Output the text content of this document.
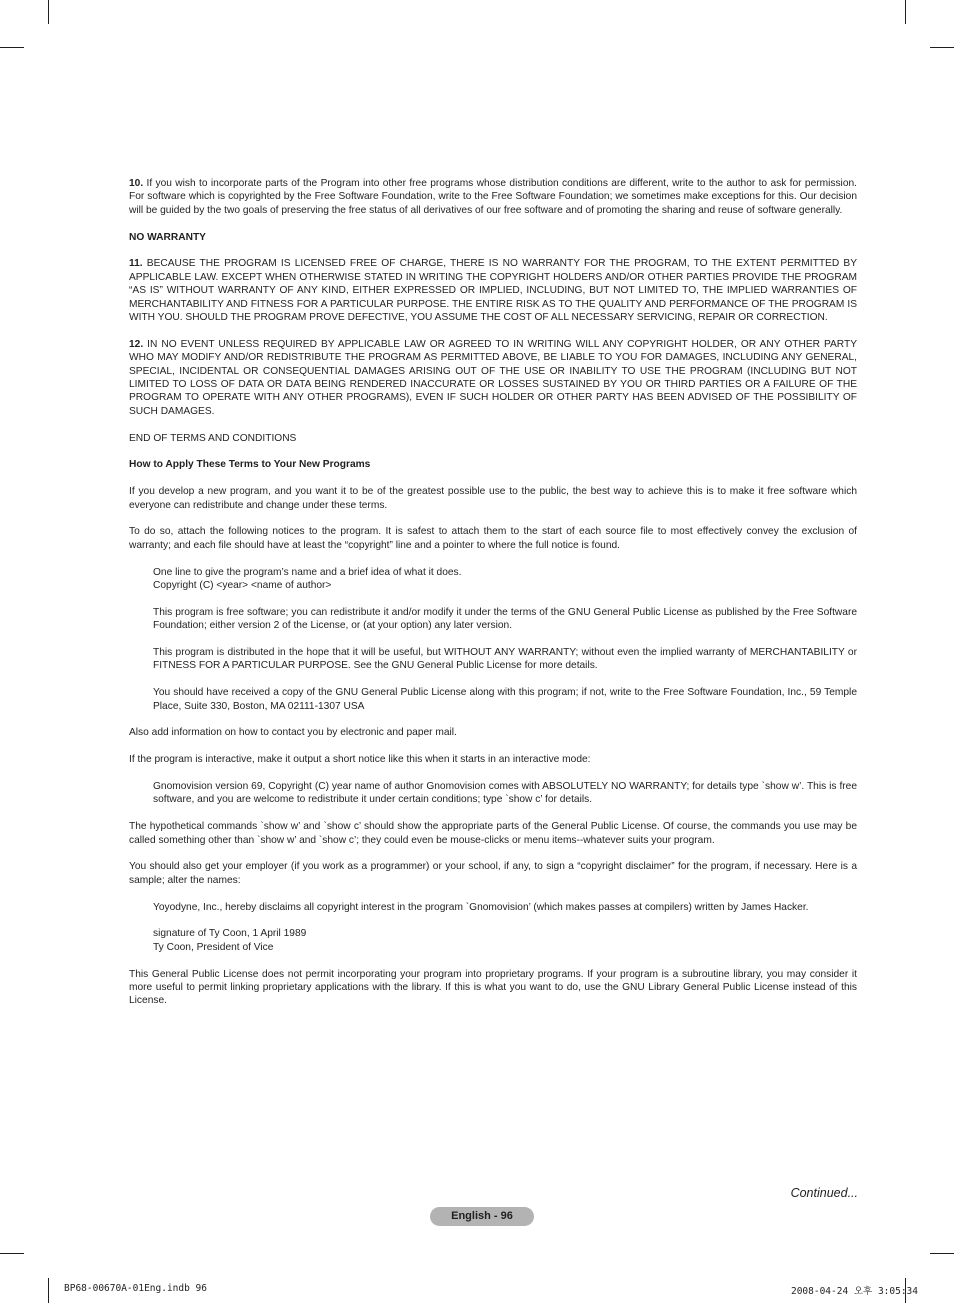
10. If you wish to incorporate parts of the Program into other free programs whose distribution conditions are different, write to the author to ask for permission. For software which is copyrighted by the Free Software Foundation, write to the Free Software Foundation; we sometimes make exceptions for this. Our decision will be guided by the two goals of preserving the free status of all derivatives of our free software and of promoting the sharing and reuse of software generally.

NO WARRANTY

11. BECAUSE THE PROGRAM IS LICENSED FREE OF CHARGE, THERE IS NO WARRANTY FOR THE PROGRAM, TO THE EXTENT PERMITTED BY APPLICABLE LAW. EXCEPT WHEN OTHERWISE STATED IN WRITING THE COPYRIGHT HOLDERS AND/OR OTHER PARTIES PROVIDE THE PROGRAM “AS IS” WITHOUT WARRANTY OF ANY KIND, EITHER EXPRESSED OR IMPLIED, INCLUDING, BUT NOT LIMITED TO, THE IMPLIED WARRANTIES OF MERCHANTABILITY AND FITNESS FOR A PARTICULAR PURPOSE. THE ENTIRE RISK AS TO THE QUALITY AND PERFORMANCE OF THE PROGRAM IS WITH YOU. SHOULD THE PROGRAM PROVE DEFECTIVE, YOU ASSUME THE COST OF ALL NECESSARY SERVICING, REPAIR OR CORRECTION.

12. IN NO EVENT UNLESS REQUIRED BY APPLICABLE LAW OR AGREED TO IN WRITING WILL ANY COPYRIGHT HOLDER, OR ANY OTHER PARTY WHO MAY MODIFY AND/OR REDISTRIBUTE THE PROGRAM AS PERMITTED ABOVE, BE LIABLE TO YOU FOR DAMAGES, INCLUDING ANY GENERAL, SPECIAL, INCIDENTAL OR CONSEQUENTIAL DAMAGES ARISING OUT OF THE USE OR INABILITY TO USE THE PROGRAM (INCLUDING BUT NOT LIMITED TO LOSS OF DATA OR DATA BEING RENDERED INACCURATE OR LOSSES SUSTAINED BY YOU OR THIRD PARTIES OR A FAILURE OF THE PROGRAM TO OPERATE WITH ANY OTHER PROGRAMS), EVEN IF SUCH HOLDER OR OTHER PARTY HAS BEEN ADVISED OF THE POSSIBILITY OF SUCH DAMAGES.

END OF TERMS AND CONDITIONS

How to Apply These Terms to Your New Programs

If you develop a new program, and you want it to be of the greatest possible use to the public, the best way to achieve this is to make it free software which everyone can redistribute and change under these terms.

To do so, attach the following notices to the program. It is safest to attach them to the start of each source file to most effectively convey the exclusion of warranty; and each file should have at least the “copyright” line and a pointer to where the full notice is found.

One line to give the program’s name and a brief idea of what it does.

Copyright (C) <year> <name of author>

This program is free software; you can redistribute it and/or modify it under the terms of the GNU General Public License as published by the Free Software Foundation; either version 2 of the License, or (at your option) any later version.

This program is distributed in the hope that it will be useful, but WITHOUT ANY WARRANTY; without even the implied warranty of MERCHANTABILITY or FITNESS FOR A PARTICULAR PURPOSE. See the GNU General Public License for more details.

You should have received a copy of the GNU General Public License along with this program; if not, write to the Free Software Foundation, Inc., 59 Temple Place, Suite 330, Boston, MA 02111-1307 USA

Also add information on how to contact you by electronic and paper mail.

If the program is interactive, make it output a short notice like this when it starts in an interactive mode:

Gnomovision version 69, Copyright (C) year name of author Gnomovision comes with ABSOLUTELY NO WARRANTY; for details type `show w’. This is free software, and you are welcome to redistribute it under certain conditions; type `show c’ for details.

The hypothetical commands `show w’ and `show c’ should show the appropriate parts of the General Public License. Of course, the commands you use may be called something other than `show w’ and `show c’; they could even be mouse-clicks or menu items--whatever suits your program.

You should also get your employer (if you work as a programmer) or your school, if any, to sign a “copyright disclaimer” for the program, if necessary. Here is a sample; alter the names:

Yoyodyne, Inc., hereby disclaims all copyright interest in the program `Gnomovision’ (which makes passes at compilers) written by James Hacker.

signature of Ty Coon, 1 April 1989

Ty Coon, President of Vice

This General Public License does not permit incorporating your program into proprietary programs. If your program is a subroutine library, you may consider it more useful to permit linking proprietary applications with the library. If this is what you want to do, use the GNU Library General Public License instead of this License.

Continued...
English - 96
BP68-00670A-01Eng.indb 96	2008-04-24 오후 3:05:34
